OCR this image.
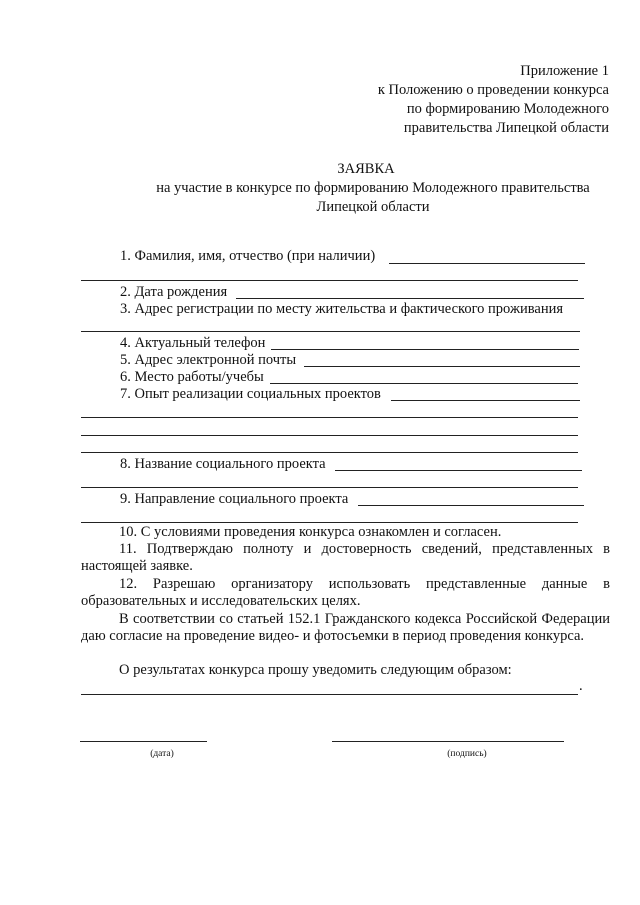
Приложение 1
к Положению о проведении конкурса
по формированию Молодежного
правительства Липецкой области
ЗАЯВКА
на участие в конкурсе по формированию Молодежного правительства Липецкой области
1. Фамилия, имя, отчество (при наличии)
2. Дата рождения
3. Адрес регистрации по месту жительства и фактического проживания
4. Актуальный телефон
5. Адрес электронной почты
6. Место работы/учебы
7. Опыт реализации социальных проектов
8. Название социального проекта
9. Направление социального проекта
10. С условиями проведения конкурса ознакомлен и согласен.
11. Подтверждаю полноту и достоверность сведений, представленных в настоящей заявке.
12. Разрешаю организатору использовать представленные данные в образовательных и исследовательских целях.
В соответствии со статьей 152.1 Гражданского кодекса Российской Федерации даю согласие на проведение видео- и фотосъемки в период проведения конкурса.
О результатах конкурса прошу уведомить следующим образом:
.
(дата)	(подпись)
